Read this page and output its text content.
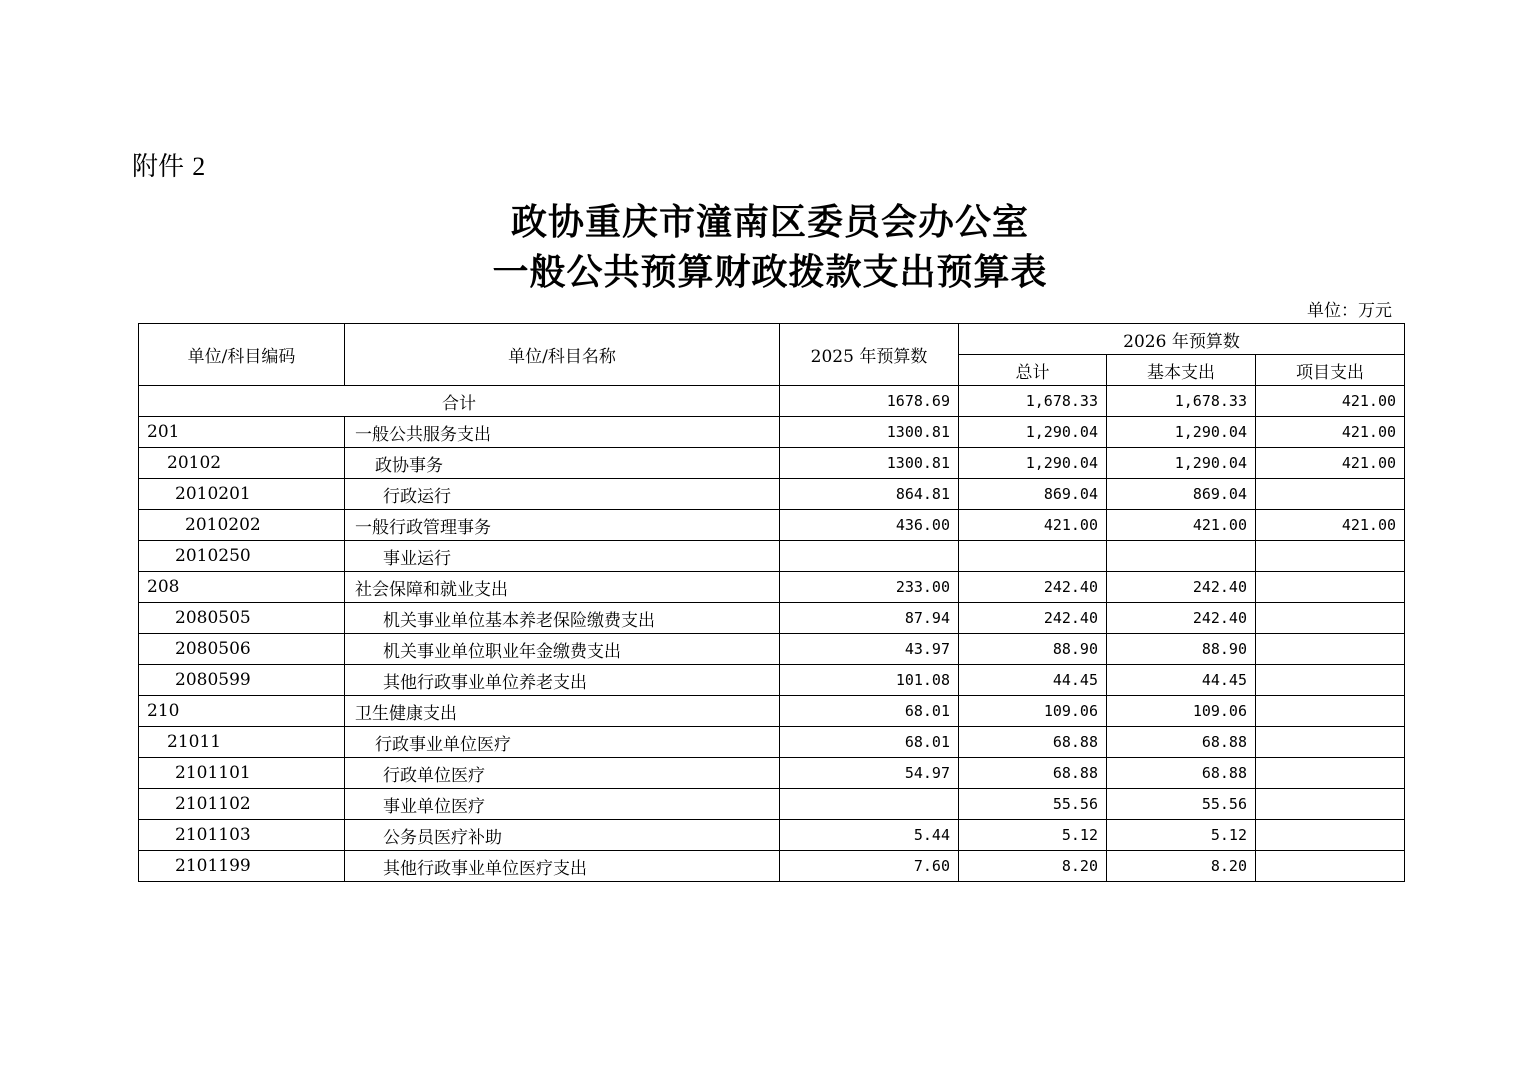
附件 2
政协重庆市潼南区委员会办公室
一般公共预算财政拨款支出预算表
单位：万元
单位/科目编码	单位/科目名称	2025 年预算数	2026 年预算数		
			总计	基本支出	项目支出
合计		1678.69	1,678.33	1,678.33	421.00
201	一般公共服务支出	1300.81	1,290.04	1,290.04	421.00
20102	政协事务	1300.81	1,290.04	1,290.04	421.00
2010201	行政运行	864.81	869.04	869.04	
2010202	一般行政管理事务	436.00	421.00	421.00	421.00
2010250	事业运行				
208	社会保障和就业支出	233.00	242.40	242.40	
2080505	机关事业单位基本养老保险缴费支出	87.94	242.40	242.40	
2080506	机关事业单位职业年金缴费支出	43.97	88.90	88.90	
2080599	其他行政事业单位养老支出	101.08	44.45	44.45	
210	卫生健康支出	68.01	109.06	109.06	
21011	行政事业单位医疗	68.01	68.88	68.88	
2101101	行政单位医疗	54.97	68.88	68.88	
2101102	事业单位医疗		55.56	55.56	
2101103	公务员医疗补助	5.44	5.12	5.12	
2101199	其他行政事业单位医疗支出	7.60	8.20	8.20	
